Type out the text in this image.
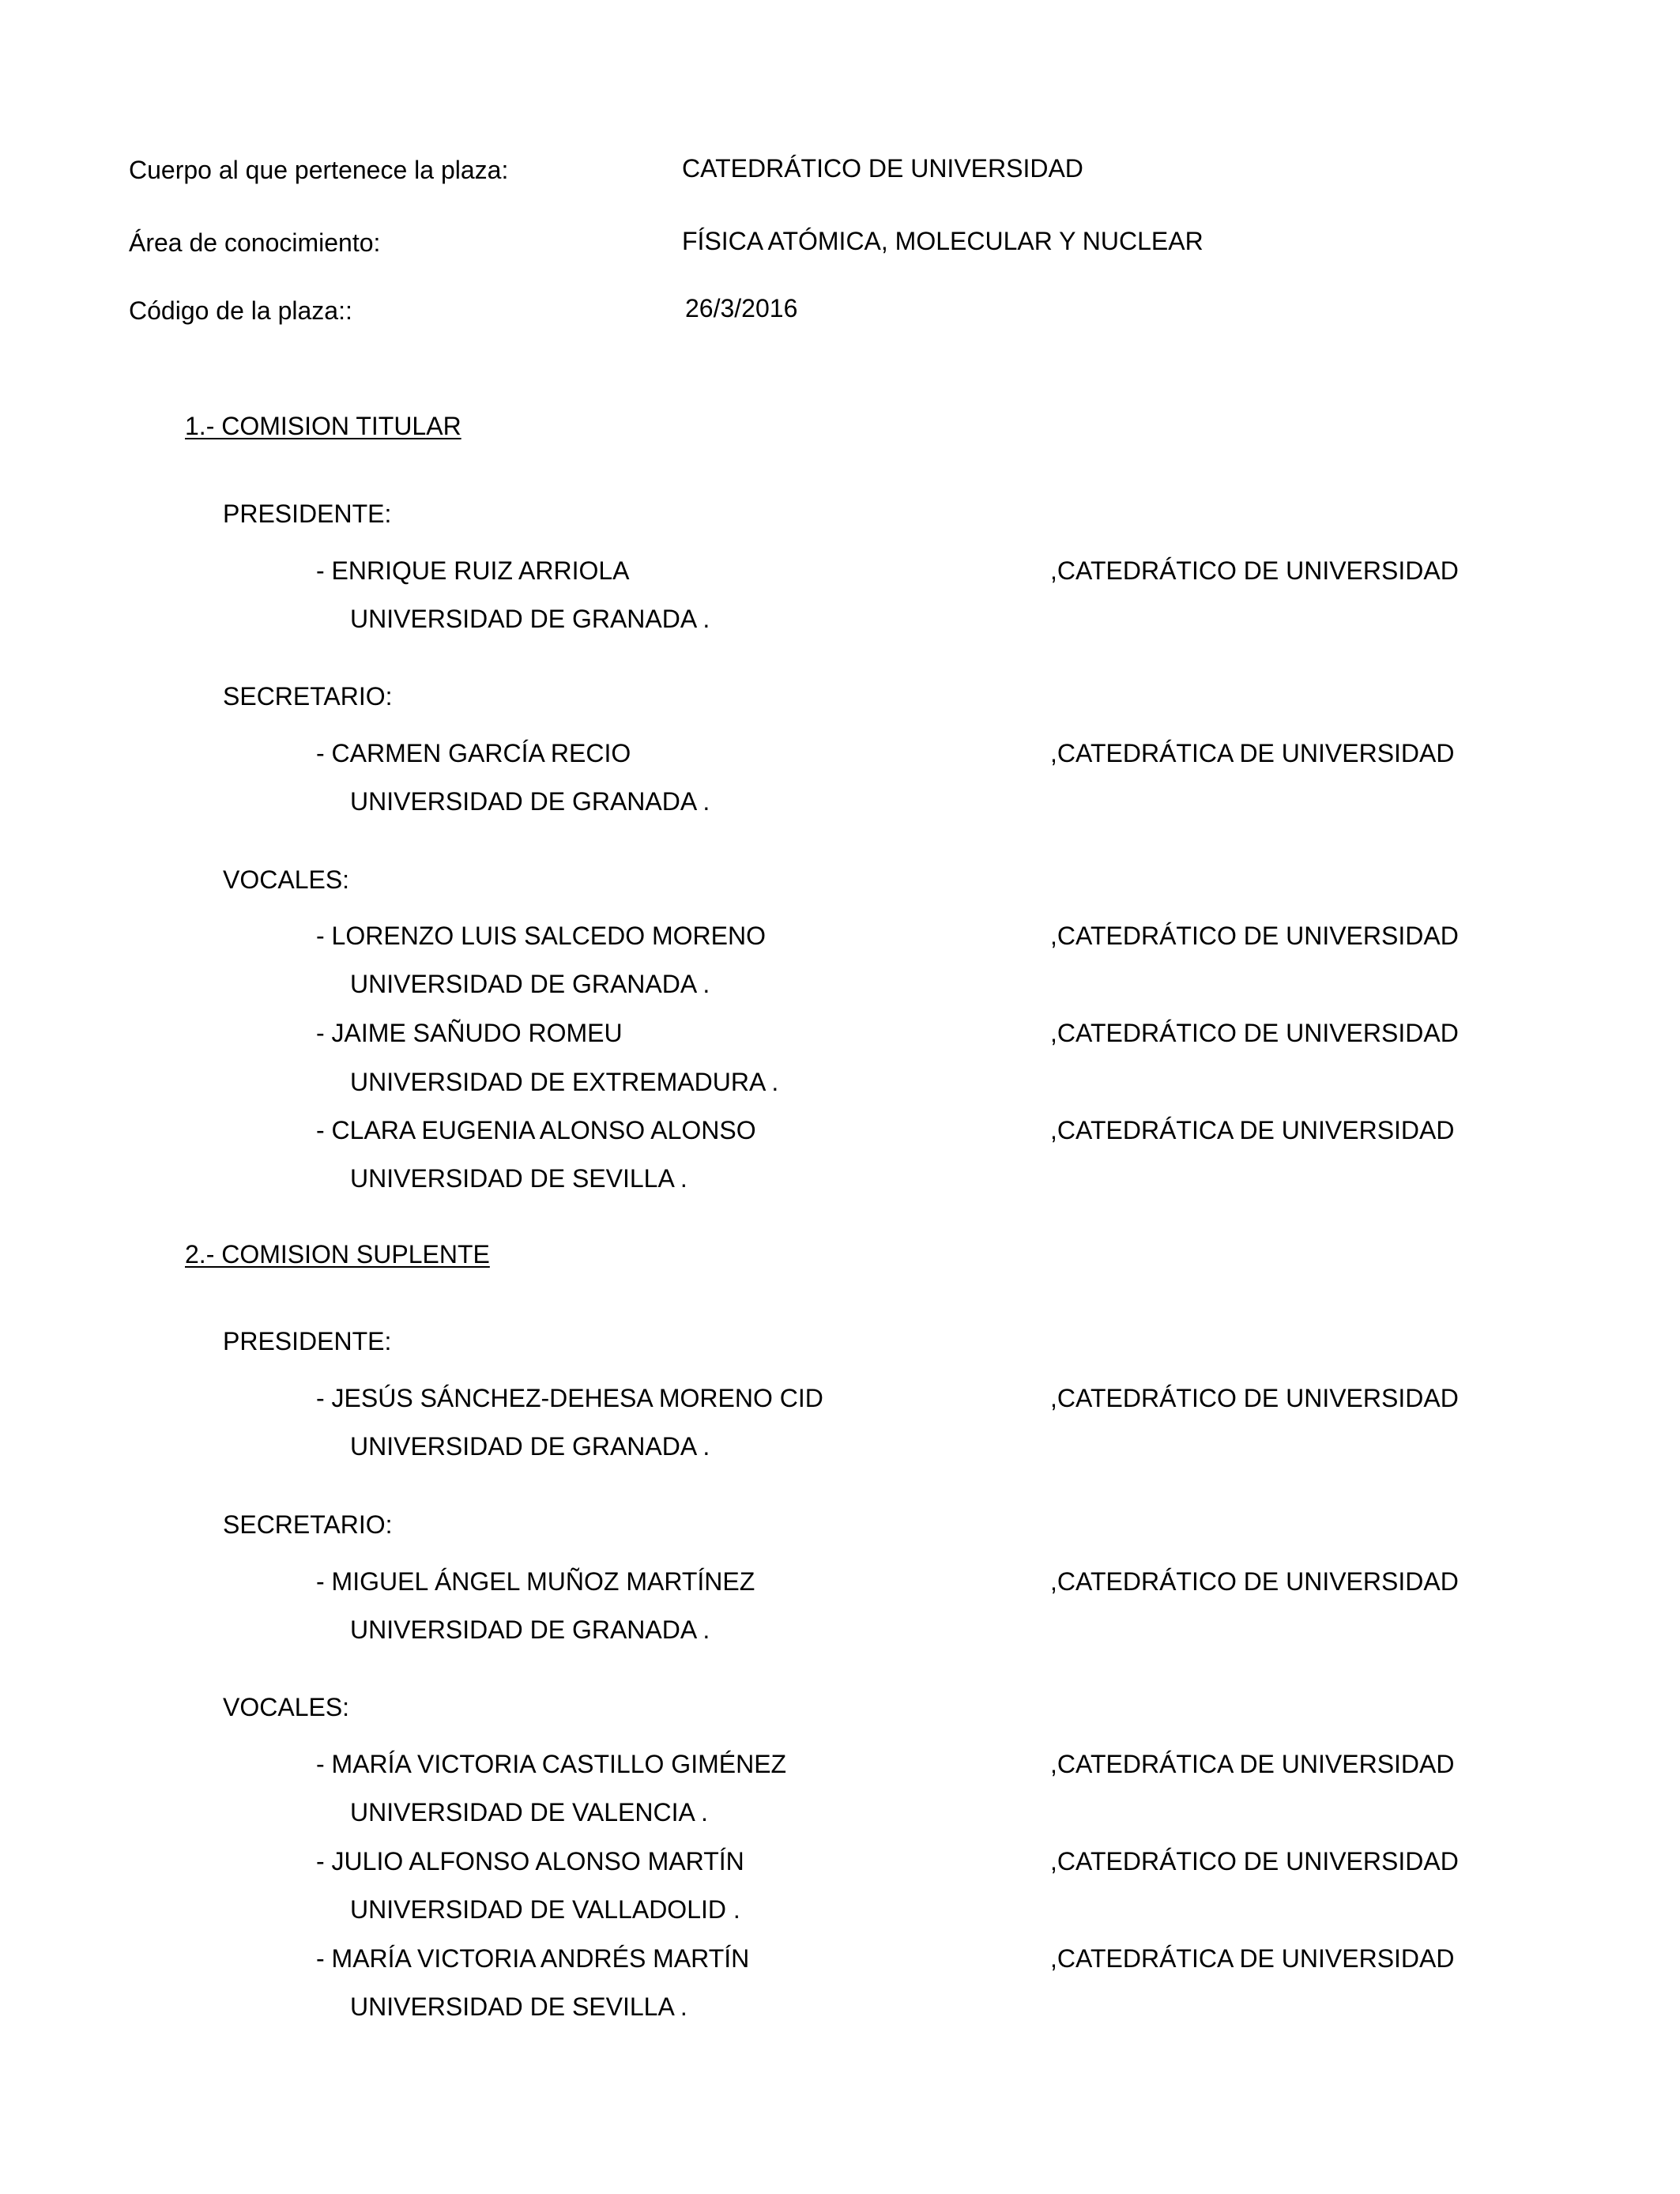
Cuerpo al que pertenece la plaza:	CATEDRÁTICO DE UNIVERSIDAD
Área de conocimiento:	FÍSICA ATÓMICA, MOLECULAR Y NUCLEAR
Código de la plaza::	26/3/2016
1.- COMISION TITULAR
PRESIDENTE:
- ENRIQUE RUIZ ARRIOLA	,CATEDRÁTICO DE UNIVERSIDAD
UNIVERSIDAD DE GRANADA .
SECRETARIO:
- CARMEN GARCÍA RECIO	,CATEDRÁTICA DE UNIVERSIDAD
UNIVERSIDAD DE GRANADA .
VOCALES:
- LORENZO LUIS SALCEDO MORENO	,CATEDRÁTICO DE UNIVERSIDAD
UNIVERSIDAD DE GRANADA .
- JAIME SAÑUDO ROMEU	,CATEDRÁTICO DE UNIVERSIDAD
UNIVERSIDAD DE EXTREMADURA .
- CLARA EUGENIA ALONSO ALONSO	,CATEDRÁTICA DE UNIVERSIDAD
UNIVERSIDAD DE SEVILLA .
2.- COMISION SUPLENTE
PRESIDENTE:
- JESÚS SÁNCHEZ-DEHESA MORENO CID	,CATEDRÁTICO DE UNIVERSIDAD
UNIVERSIDAD DE GRANADA .
SECRETARIO:
- MIGUEL ÁNGEL MUÑOZ MARTÍNEZ	,CATEDRÁTICO DE UNIVERSIDAD
UNIVERSIDAD DE GRANADA .
VOCALES:
- MARÍA VICTORIA CASTILLO GIMÉNEZ	,CATEDRÁTICA DE UNIVERSIDAD
UNIVERSIDAD DE VALENCIA .
- JULIO ALFONSO ALONSO MARTÍN	,CATEDRÁTICO DE UNIVERSIDAD
UNIVERSIDAD DE VALLADOLID .
- MARÍA VICTORIA ANDRÉS MARTÍN	,CATEDRÁTICA DE UNIVERSIDAD
UNIVERSIDAD DE SEVILLA .
